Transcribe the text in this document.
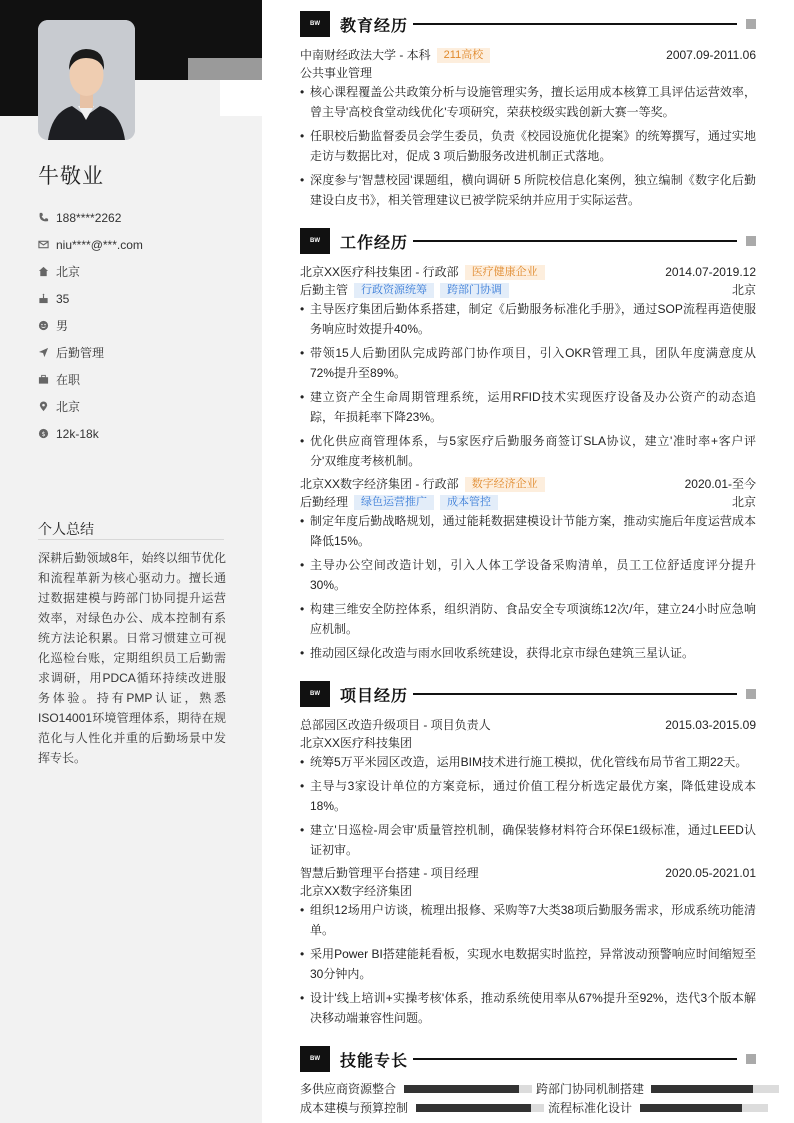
牛敬业
188****2262
niu****@***.com
北京
35
男
后勤管理
在职
北京
$ 12k-18k
个人总结
深耕后勤领域8年，始终以细节优化和流程革新为核心驱动力。擅长通过数据建模与跨部门协同提升运营效率，对绿色办公、成本控制有系统方法论积累。日常习惯建立可视化巡检台账，定期组织员工后勤需求调研，用PDCA循环持续改进服务体验。持有PMP认证，熟悉ISO14001环境管理体系，期待在规范化与人性化并重的后勤场景中发挥专长。
BW	教育经历
中南财经政法大学 - 本科 211高校	2007.09-2011.06
公共事业管理
• 核心课程覆盖公共政策分析与设施管理实务，擅长运用成本核算工具评估运营效率，曾主导'高校食堂动线优化'专项研究，荣获校级实践创新大赛一等奖。
• 任职校后勤监督委员会学生委员，负责《校园设施优化提案》的统筹撰写，通过实地走访与数据比对，促成 3 项后勤服务改进机制正式落地。
• 深度参与'智慧校园'课题组，横向调研 5 所院校信息化案例，独立编制《数字化后勤建设白皮书》，相关管理建议已被学院采纳并应用于实际运营。
BW	工作经历
北京XX医疗科技集团 - 行政部 医疗健康企业	2014.07-2019.12
后勤主管 行政资源统筹 跨部门协调	北京
• 主导医疗集团后勤体系搭建，制定《后勤服务标准化手册》，通过SOP流程再造使服务响应时效提升40%。
• 带领15人后勤团队完成跨部门协作项目，引入OKR管理工具，团队年度满意度从72%提升至89%。
• 建立资产全生命周期管理系统，运用RFID技术实现医疗设备及办公资产的动态追踪，年损耗率下降23%。
• 优化供应商管理体系，与5家医疗后勤服务商签订SLA协议，建立'准时率+客户评分'双维度考核机制。
北京XX数字经济集团 - 行政部 数字经济企业	2020.01-至今
后勤经理 绿色运营推广 成本管控	北京
• 制定年度后勤战略规划，通过能耗数据建模设计节能方案，推动实施后年度运营成本降低15%。
• 主导办公空间改造计划，引入人体工学设备采购清单，员工工位舒适度评分提升30%。
• 构建三维安全防控体系，组织消防、食品安全专项演练12次/年，建立24小时应急响应机制。
• 推动园区绿化改造与雨水回收系统建设，获得北京市绿色建筑三星认证。
BW	项目经历
总部园区改造升级项目 - 项目负责人	2015.03-2015.09
北京XX医疗科技集团
• 统筹5万平米园区改造，运用BIM技术进行施工模拟，优化管线布局节省工期22天。
• 主导与3家设计单位的方案竞标，通过价值工程分析选定最优方案，降低建设成本18%。
• 建立'日巡检-周会审'质量管控机制，确保装修材料符合环保E1级标准，通过LEED认证初审。
智慧后勤管理平台搭建 - 项目经理	2020.05-2021.01
北京XX数字经济集团
• 组织12场用户访谈，梳理出报修、采购等7大类38项后勤服务需求，形成系统功能清单。
• 采用Power BI搭建能耗看板，实现水电数据实时监控，异常波动预警响应时间缩短至30分钟内。
• 设计'线上培训+实操考核'体系，推动系统使用率从67%提升至92%，迭代3个版本解决移动端兼容性问题。
BW	技能专长
多供应商资源整合	跨部门协同机制搭建
成本建模与预算控制	流程标准化设计
